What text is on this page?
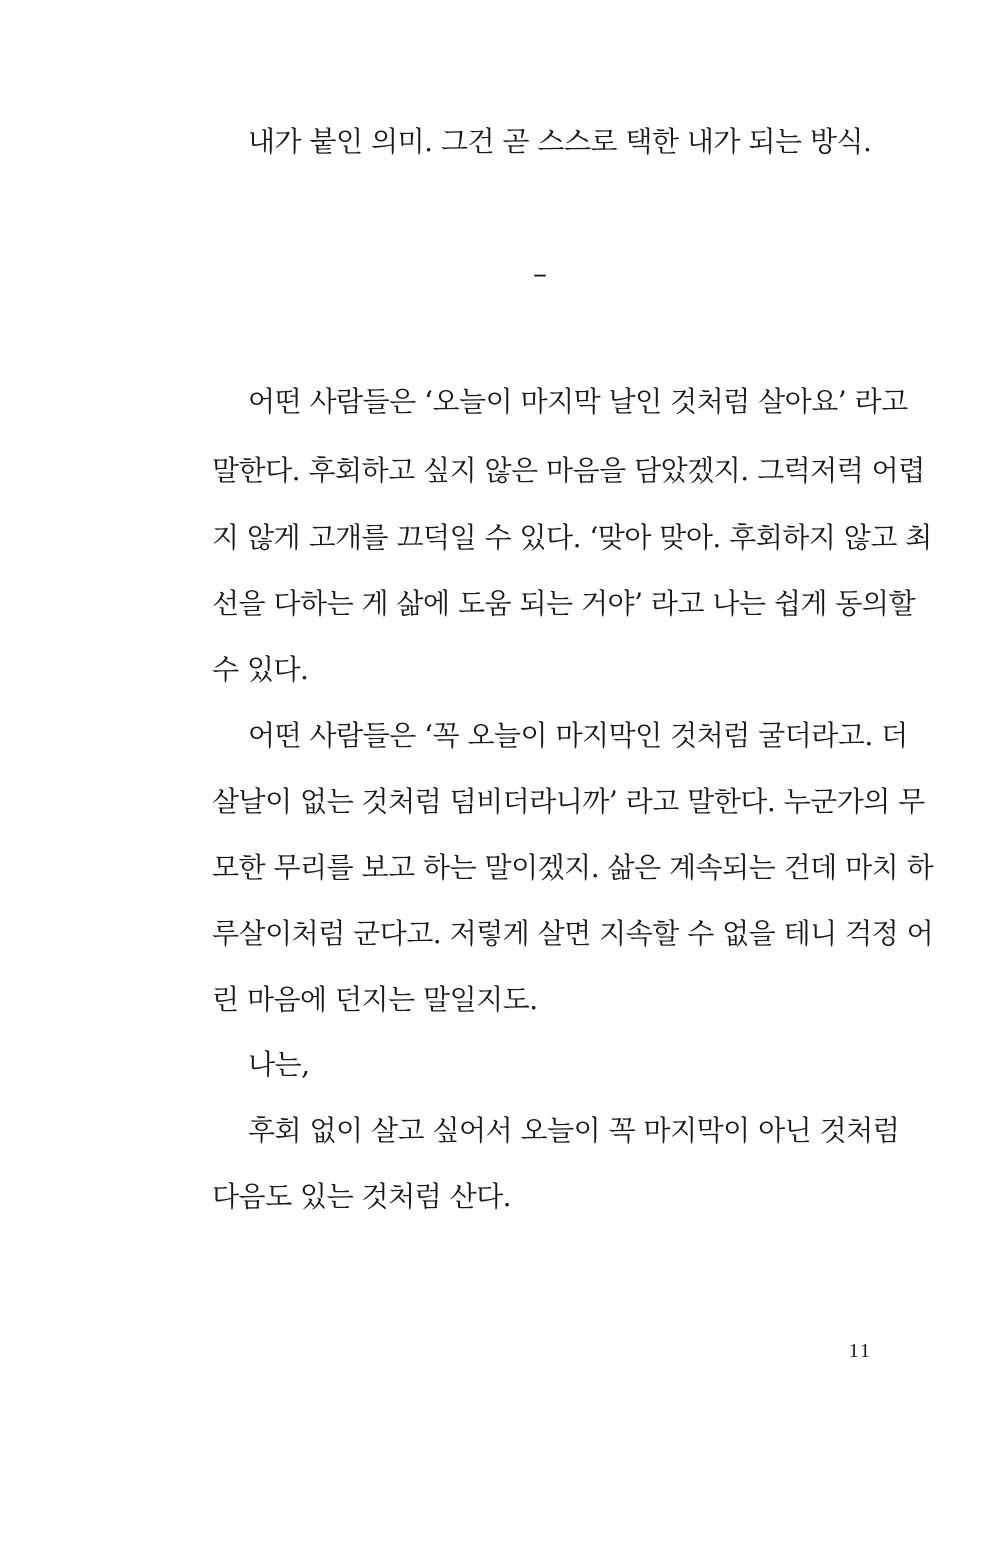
내가 붙인 의미. 그건 곧 스스로 택한 내가 되는 방식.
–
어떤 사람들은 ‘오늘이 마지막 날인 것처럼 살아요’ 라고
말한다. 후회하고 싶지 않은 마음을 담았겠지. 그럭저럭 어렵
지 않게 고개를 끄덕일 수 있다. ‘맞아 맞아. 후회하지 않고 최
선을 다하는 게 삶에 도움 되는 거야’ 라고 나는 쉽게 동의할
수 있다.
어떤 사람들은 ‘꼭 오늘이 마지막인 것처럼 굴더라고. 더
살날이 없는 것처럼 덤비더라니까’ 라고 말한다. 누군가의 무
모한 무리를 보고 하는 말이겠지. 삶은 계속되는 건데 마치 하
루살이처럼 군다고. 저렇게 살면 지속할 수 없을 테니 걱정 어
린 마음에 던지는 말일지도.
나는,
후회 없이 살고 싶어서 오늘이 꼭 마지막이 아닌 것처럼
다음도 있는 것처럼 산다.
11
